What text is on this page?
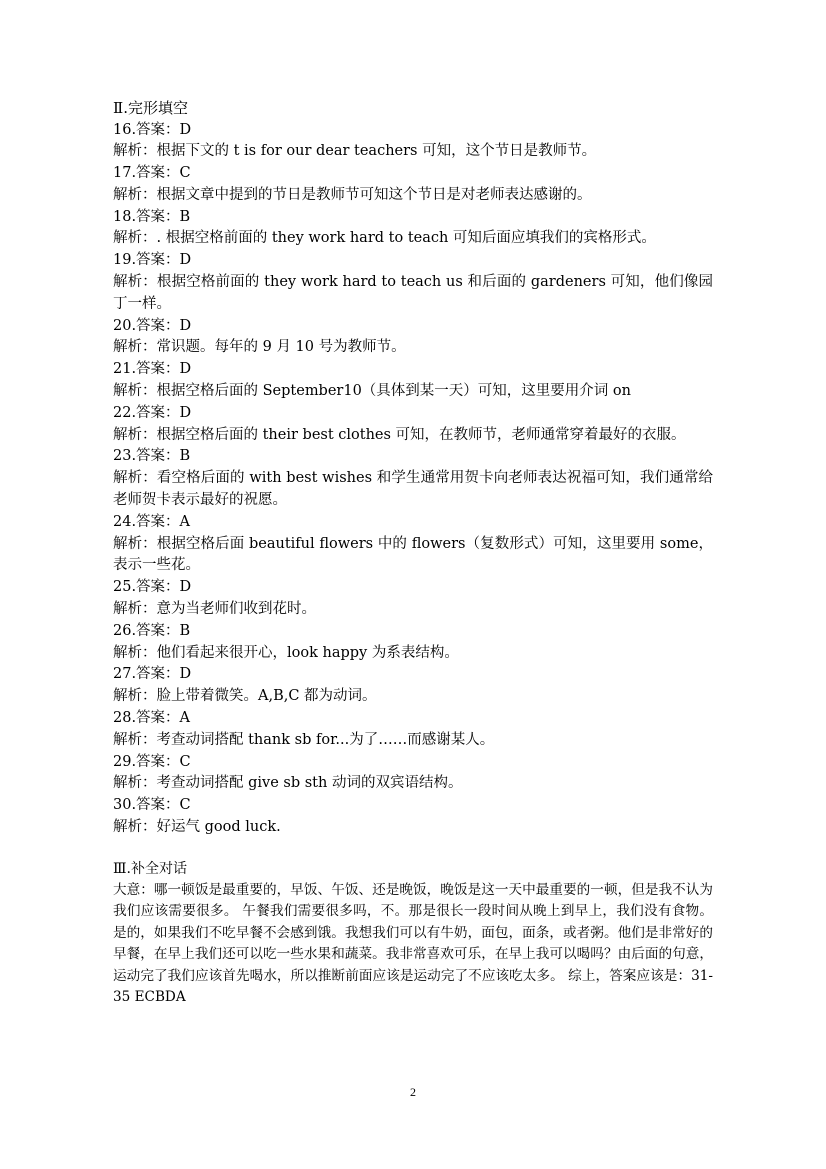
Ⅱ.完形填空
16.答案：D
解析：根据下文的 t is for our dear teachers 可知，这个节日是教师节。
17.答案：C
解析：根据文章中提到的节日是教师节可知这个节日是对老师表达感谢的。
18.答案：B
解析：. 根据空格前面的 they work hard to teach 可知后面应填我们的宾格形式。
19.答案：D
解析：根据空格前面的 they work hard to teach us 和后面的 gardeners 可知，他们像园丁一样。
20.答案：D
解析：常识题。每年的 9 月 10 号为教师节。
21.答案：D
解析：根据空格后面的 September10（具体到某一天）可知，这里要用介词 on
22.答案：D
解析：根据空格后面的 their best clothes 可知，在教师节，老师通常穿着最好的衣服。
23.答案：B
解析：看空格后面的 with best wishes 和学生通常用贺卡向老师表达祝福可知，我们通常给老师贺卡表示最好的祝愿。
24.答案：A
解析：根据空格后面 beautiful flowers 中的 flowers（复数形式）可知，这里要用 some，表示一些花。
25.答案：D
解析：意为当老师们收到花时。
26.答案：B
解析：他们看起来很开心，look happy 为系表结构。
27.答案：D
解析：脸上带着微笑。A,B,C 都为动词。
28.答案：A
解析：考查动词搭配 thank sb for...为了……而感谢某人。
29.答案：C
解析：考查动词搭配 give sb sth 动词的双宾语结构。
30.答案：C
解析：好运气 good luck.
Ⅲ.补全对话
大意：哪一顿饭是最重要的，早饭、午饭、还是晚饭，晚饭是这一天中最重要的一顿，但是我不认为我们应该需要很多。 午餐我们需要很多吗，不。那是很长一段时间从晚上到早上，我们没有食物。是的，如果我们不吃早餐不会感到饿。我想我们可以有牛奶，面包，面条，或者粥。他们是非常好的早餐，在早上我们还可以吃一些水果和蔬菜。我非常喜欢可乐，在早上我可以喝吗？由后面的句意，运动完了我们应该首先喝水，所以推断前面应该是运动完了不应该吃太多。 综上，答案应该是：31-35 ECBDA
2
